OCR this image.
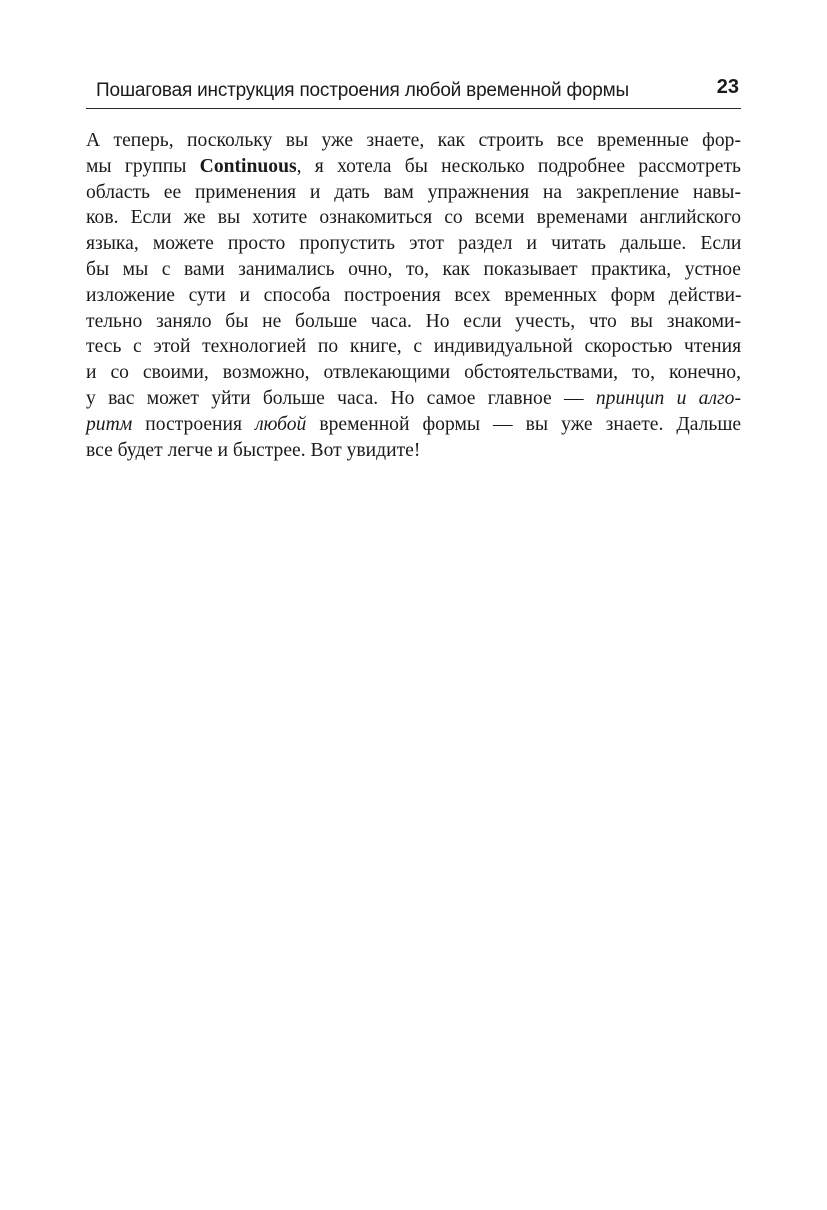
Пошаговая инструкция построения любой временной формы	23
А теперь, поскольку вы уже знаете, как строить все временные фор-
мы группы Continuous, я хотела бы несколько подробнее рассмотреть
область ее применения и дать вам упражнения на закрепление навы-
ков. Если же вы хотите ознакомиться со всеми временами английского
языка, можете просто пропустить этот раздел и читать дальше. Если
бы мы с вами занимались очно, то, как показывает практика, устное
изложение сути и способа построения всех временных форм действи-
тельно заняло бы не больше часа. Но если учесть, что вы знакоми-
тесь с этой технологией по книге, с индивидуальной скоростью чтения
и со своими, возможно, отвлекающими обстоятельствами, то, конечно,
у вас может уйти больше часа. Но самое главное — принцип и алго-
ритм построения любой временной формы — вы уже знаете. Дальше
все будет легче и быстрее. Вот увидите!
